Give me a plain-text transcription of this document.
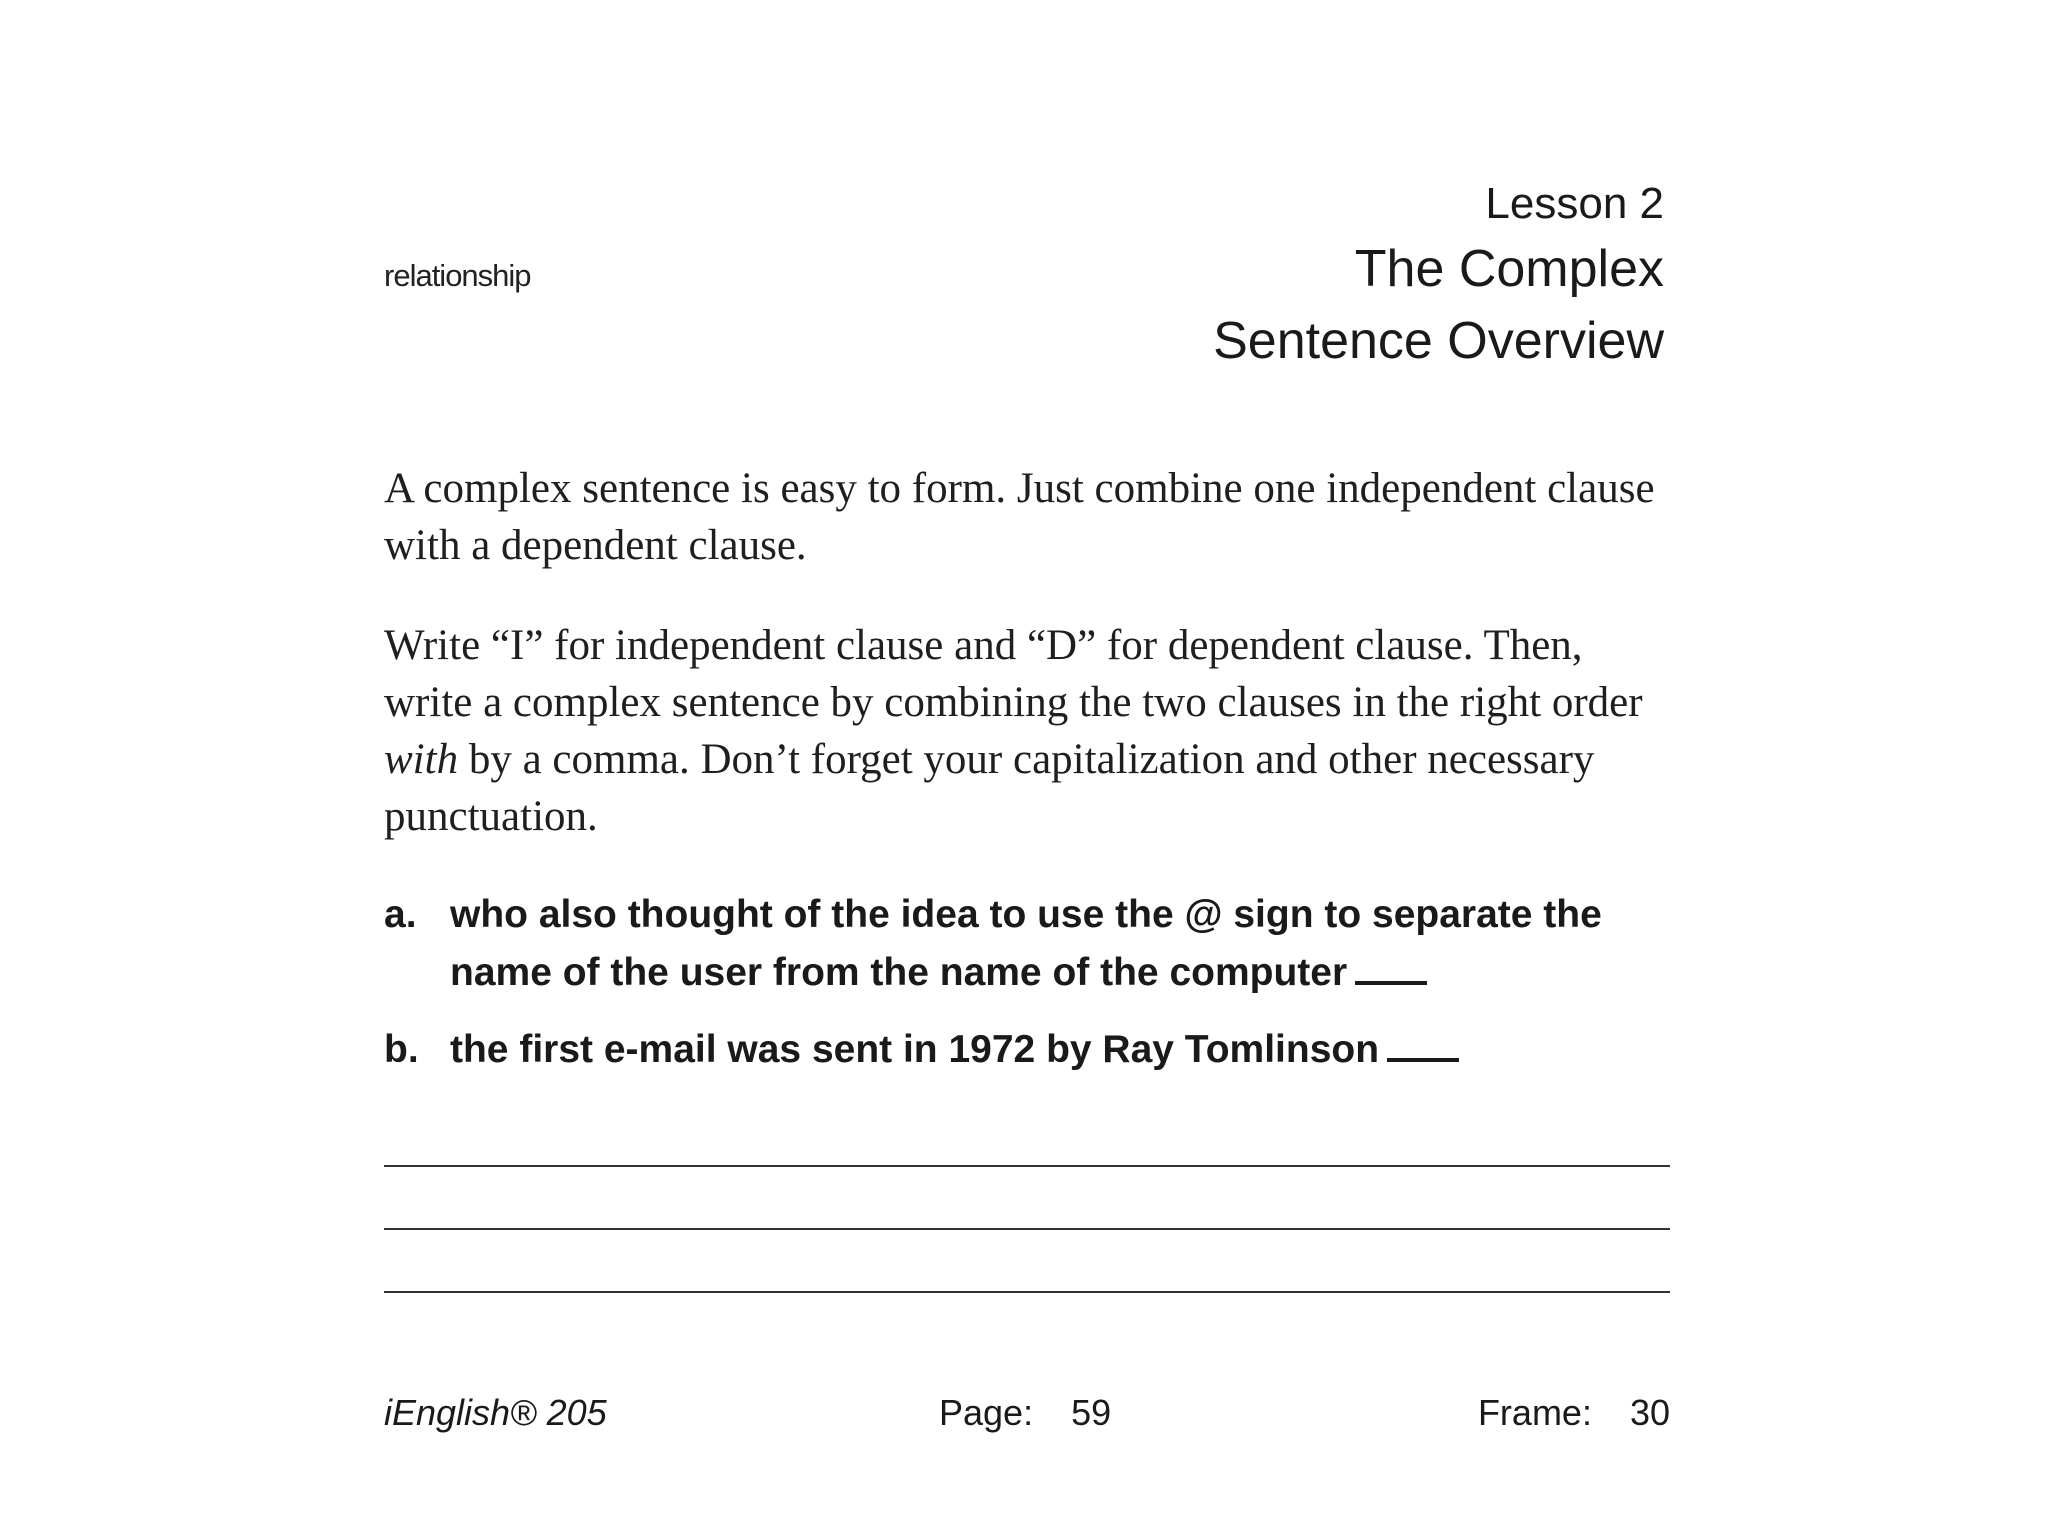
relationship
Lesson 2
The Complex
Sentence Overview
A complex sentence is easy to form. Just combine one independent clause with a dependent clause.
Write “I” for independent clause and “D” for dependent clause. Then, write a complex sentence by combining the two clauses in the right order with by a comma. Don’t forget your capitalization and other necessary punctuation.
a. who also thought of the idea to use the @ sign to separate the name of the user from the name of the computer
b. the first e-mail was sent in 1972 by Ray Tomlinson
iEnglish® 205	Page: 59	Frame: 30
